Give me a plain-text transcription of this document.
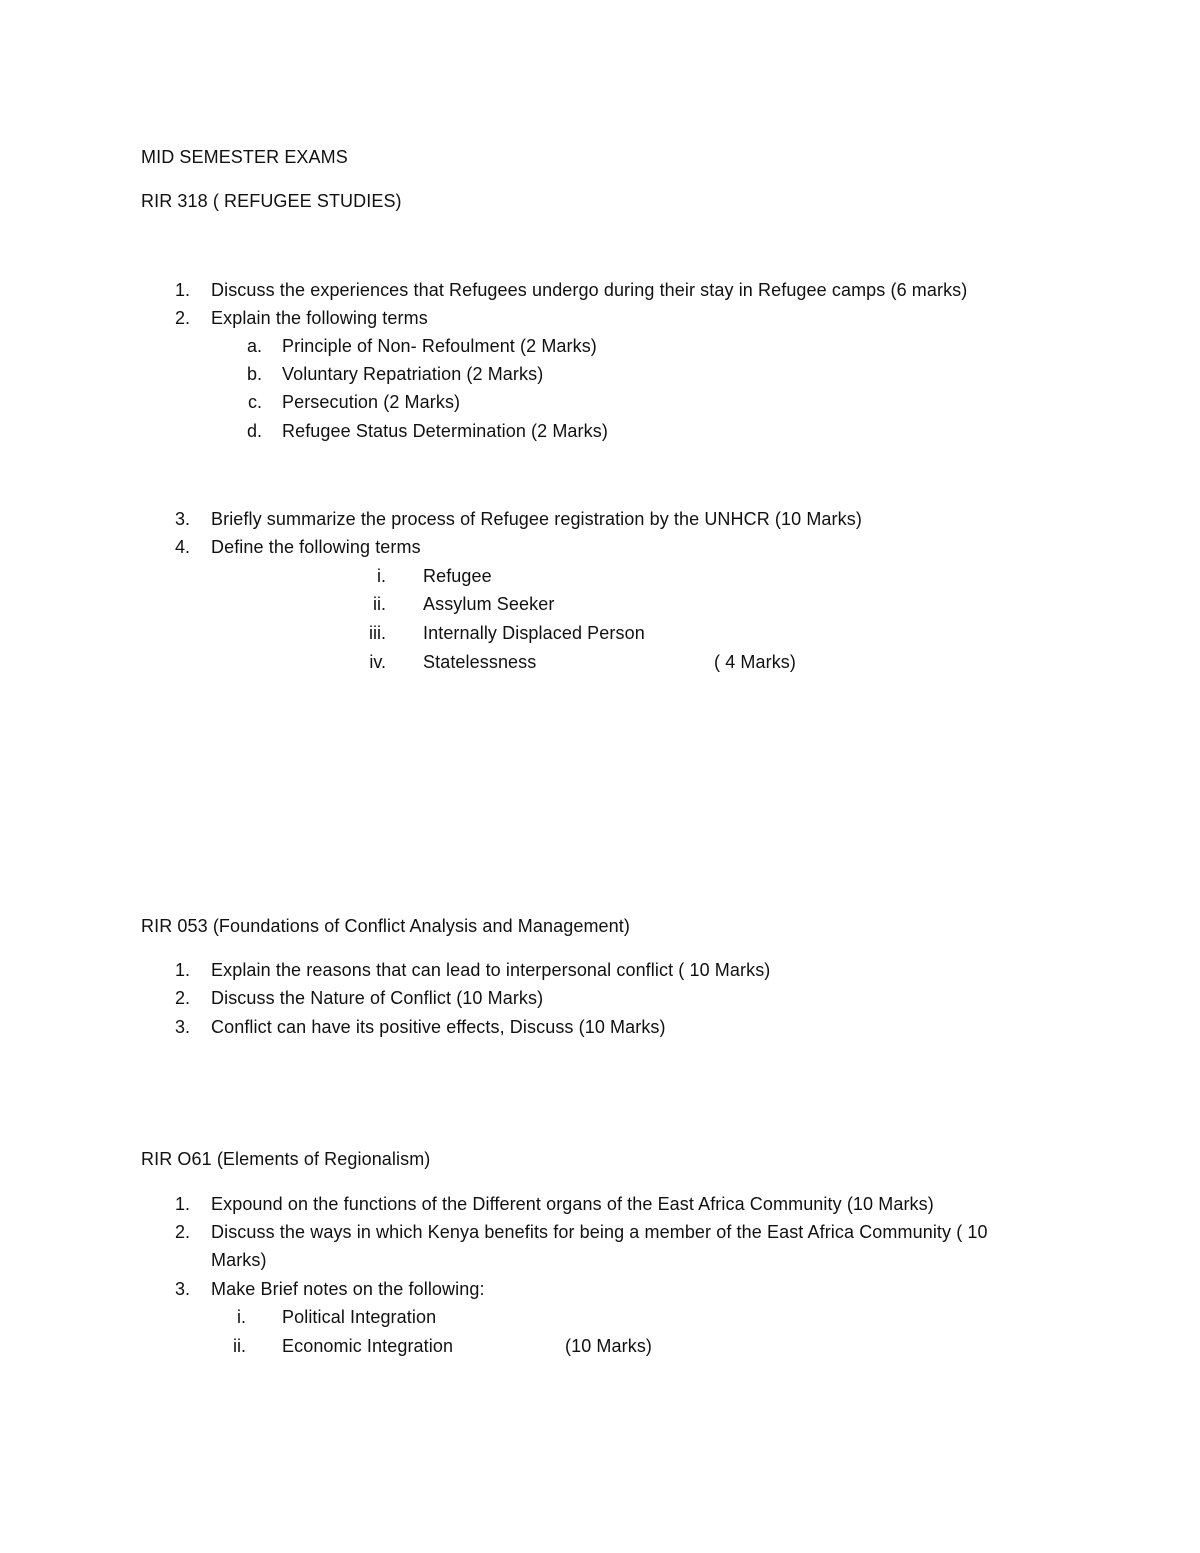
MID SEMESTER EXAMS
RIR 318 ( REFUGEE STUDIES)
1. Discuss the experiences that Refugees undergo during their stay in Refugee camps (6 marks)
2. Explain the following terms
a. Principle of Non- Refoulment (2 Marks)
b. Voluntary Repatriation (2 Marks)
c. Persecution (2 Marks)
d. Refugee Status Determination (2 Marks)
3. Briefly summarize the process of Refugee registration by the UNHCR (10 Marks)
4. Define the following terms
i. Refugee
ii. Assylum Seeker
iii. Internally Displaced Person
iv. Statelessness	( 4 Marks)
RIR 053 (Foundations of Conflict Analysis and Management)
1. Explain the reasons that can lead to interpersonal conflict ( 10 Marks)
2. Discuss the Nature of Conflict (10 Marks)
3. Conflict can have its positive effects, Discuss (10 Marks)
RIR O61 (Elements of Regionalism)
1. Expound on the functions of the Different organs of the East Africa Community (10 Marks)
2. Discuss the ways in which Kenya benefits for being a member of the East Africa Community ( 10
Marks)
3. Make Brief notes on the following:
i. Political Integration
ii. Economic Integration	(10 Marks)
